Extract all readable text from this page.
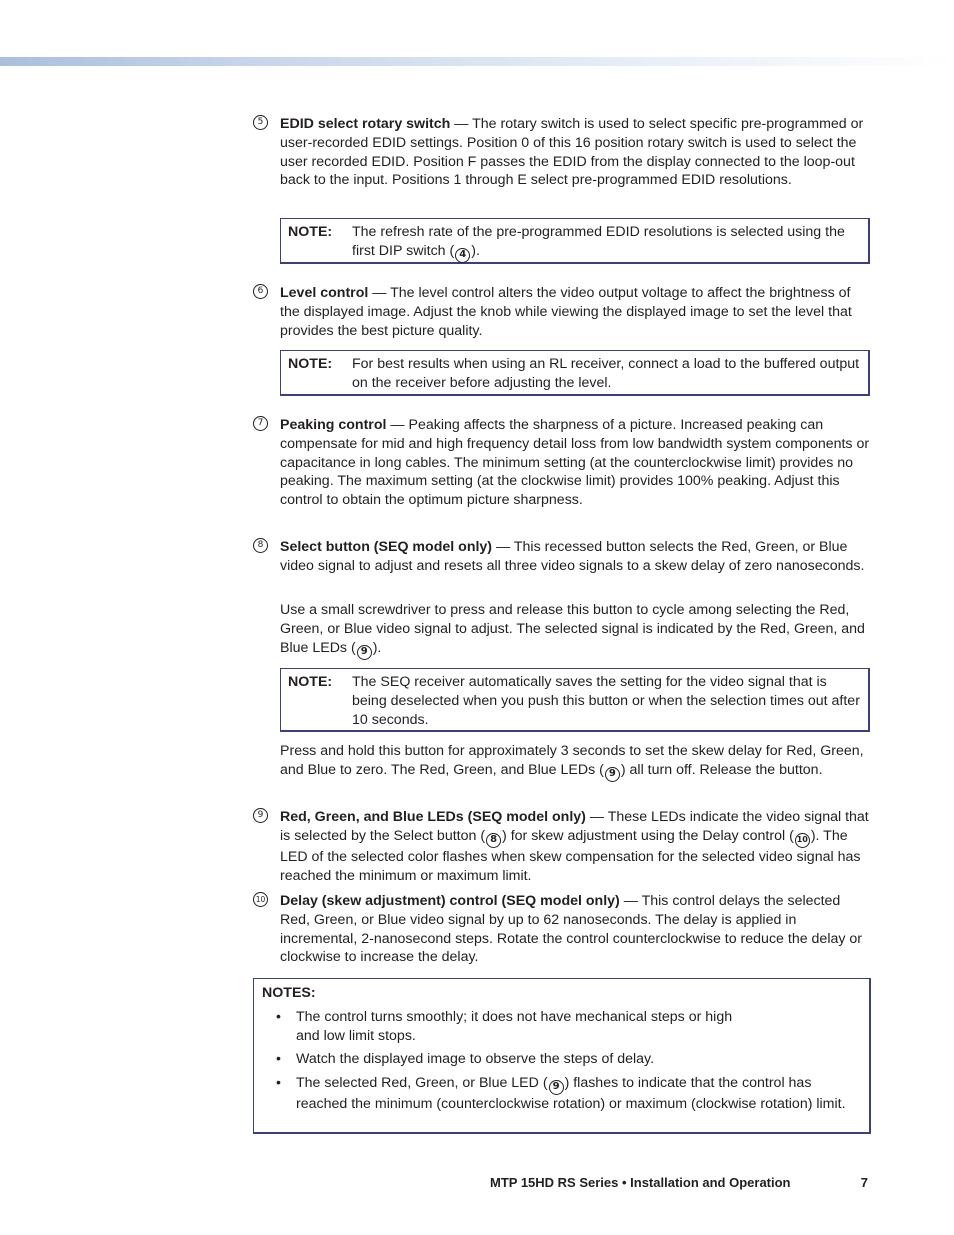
5	EDID select rotary switch — The rotary switch is used to select specific pre-programmed or user-recorded EDID settings. Position 0 of this 16 position rotary switch is used to select the user recorded EDID. Position F passes the EDID from the display connected to the loop-out back to the input. Positions 1 through E select pre-programmed EDID resolutions.
NOTE:	The refresh rate of the pre-programmed EDID resolutions is selected using the first DIP switch ( 4 ).
6	Level control — The level control alters the video output voltage to affect the brightness of the displayed image. Adjust the knob while viewing the displayed image to set the level that provides the best picture quality.
NOTE:	For best results when using an RL receiver, connect a load to the buffered output on the receiver before adjusting the level.
7	Peaking control — Peaking affects the sharpness of a picture. Increased peaking can compensate for mid and high frequency detail loss from low bandwidth system components or capacitance in long cables. The minimum setting (at the counterclockwise limit) provides no peaking. The maximum setting (at the clockwise limit) provides 100% peaking. Adjust this control to obtain the optimum picture sharpness.
8	Select button (SEQ model only) — This recessed button selects the Red, Green, or Blue video signal to adjust and resets all three video signals to a skew delay of zero nanoseconds.
Use a small screwdriver to press and release this button to cycle among selecting the Red, Green, or Blue video signal to adjust. The selected signal is indicated by the Red, Green, and Blue LEDs ( 9 ).
NOTE:	The SEQ receiver automatically saves the setting for the video signal that is being deselected when you push this button or when the selection times out after 10 seconds.
Press and hold this button for approximately 3 seconds to set the skew delay for Red, Green, and Blue to zero. The Red, Green, and Blue LEDs ( 9 ) all turn off. Release the button.
9	Red, Green, and Blue LEDs (SEQ model only) — These LEDs indicate the video signal that is selected by the Select button ( 8 ) for skew adjustment using the Delay control ( 10 ). The LED of the selected color flashes when skew compensation for the selected video signal has reached the minimum or maximum limit.
10 Delay (skew adjustment) control (SEQ model only) — This control delays the selected Red, Green, or Blue video signal by up to 62 nanoseconds. The delay is applied in incremental, 2-nanosecond steps. Rotate the control counterclockwise to reduce the delay or clockwise to increase the delay.
NOTES:
• The control turns smoothly; it does not have mechanical steps or high and low limit stops.
• Watch the displayed image to observe the steps of delay.
• The selected Red, Green, or Blue LED ( 9 ) flashes to indicate that the control has reached the minimum (counterclockwise rotation) or maximum (clockwise rotation) limit.
MTP 15HD RS Series • Installation and Operation	7
